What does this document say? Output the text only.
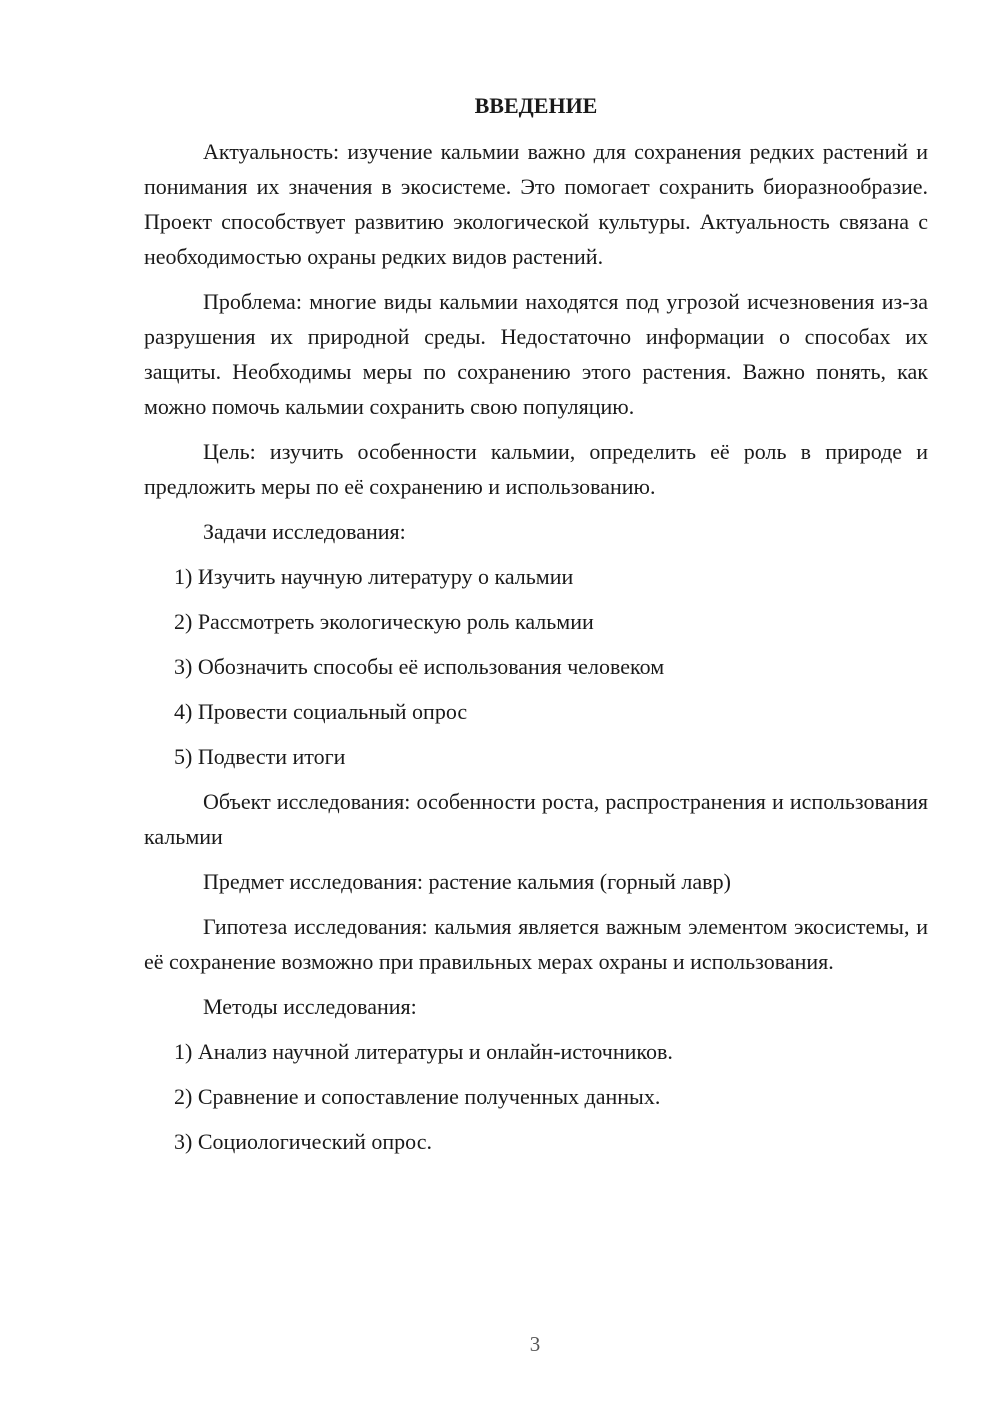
ВВЕДЕНИЕ

Актуальность: изучение кальмии важно для сохранения редких растений и понимания их значения в экосистеме. Это помогает сохранить биоразнообразие. Проект способствует развитию экологической культуры. Актуальность связана с необходимостью охраны редких видов растений.

Проблема: многие виды кальмии находятся под угрозой исчезновения из-за разрушения их природной среды. Недостаточно информации о способах их защиты. Необходимы меры по сохранению этого растения. Важно понять, как можно помочь кальмии сохранить свою популяцию.

Цель: изучить особенности кальмии, определить её роль в природе и предложить меры по её сохранению и использованию.

Задачи исследования:
1) Изучить научную литературу о кальмии
2) Рассмотреть экологическую роль кальмии
3) Обозначить способы её использования человеком
4) Провести социальный опрос
5) Подвести итоги

Объект исследования: особенности роста, распространения и использования кальмии

Предмет исследования: растение кальмия (горный лавр)

Гипотеза исследования: кальмия является важным элементом экосистемы, и её сохранение возможно при правильных мерах охраны и использования.

Методы исследования:
1) Анализ научной литературы и онлайн-источников.
2) Сравнение и сопоставление полученных данных.
3) Социологический опрос.
3
